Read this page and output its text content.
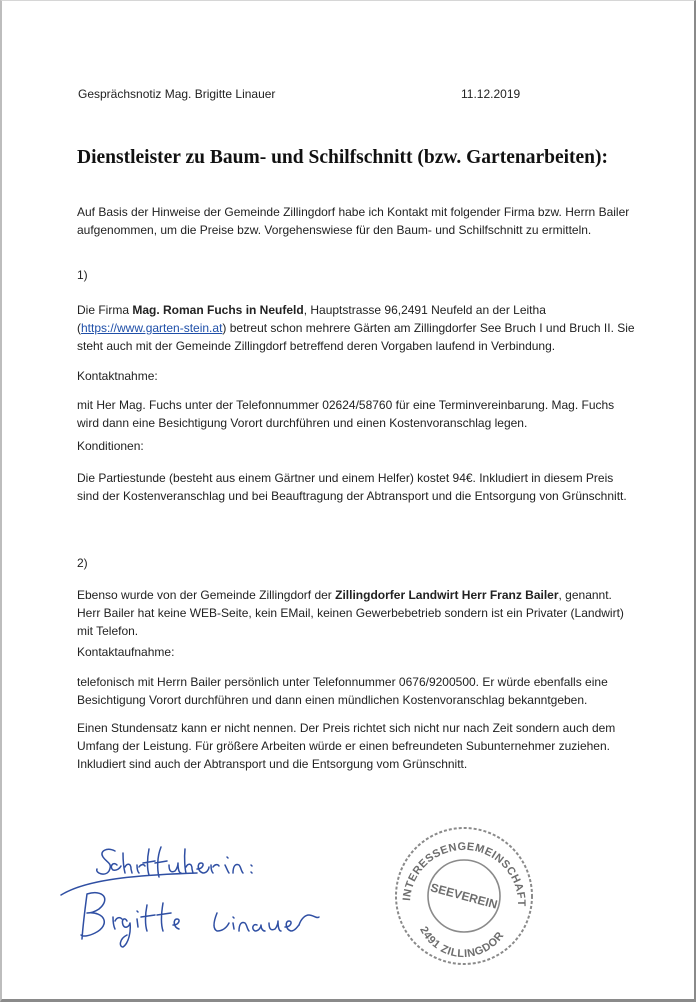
Gesprächsnotiz Mag. Brigitte Linauer	11.12.2019
Dienstleister zu Baum- und Schilfschnitt (bzw. Gartenarbeiten):
Auf Basis der Hinweise der Gemeinde Zillingdorf habe ich Kontakt mit folgender Firma bzw. Herrn Bailer aufgenommen, um die Preise bzw. Vorgehenswiese für den Baum- und Schilfschnitt zu ermitteln.
1)
Die Firma Mag. Roman Fuchs in Neufeld, Hauptstrasse 96,2491 Neufeld an der Leitha
(https://www.garten-stein.at) betreut schon mehrere Gärten am Zillingdorfer See Bruch I und Bruch II. Sie steht auch mit der Gemeinde Zillingdorf betreffend deren Vorgaben laufend in Verbindung.
Kontaktnahme:
mit Her Mag. Fuchs unter der Telefonnummer 02624/58760 für eine Terminvereinbarung. Mag. Fuchs wird dann eine Besichtigung Vorort durchführen und einen Kostenvoranschlag legen.
Konditionen:
Die Partiestunde (besteht aus einem Gärtner und einem Helfer) kostet 94€. Inkludiert in diesem Preis sind der Kostenveranschlag und bei Beauftragung der Abtransport und die Entsorgung von Grünschnitt.
2)
Ebenso wurde von der Gemeinde Zillingdorf der Zillingdorfer Landwirt Herr Franz Bailer, genannt. Herr Bailer hat keine WEB-Seite, kein EMail, keinen Gewerbebetrieb sondern ist ein Privater (Landwirt) mit Telefon.
Kontaktaufnahme:
telefonisch mit Herrn Bailer persönlich unter Telefonnummer 0676/9200500. Er würde ebenfalls eine Besichtigung Vorort durchführen und dann einen mündlichen Kostenvoranschlag bekanntgeben.
Einen Stundensatz kann er nicht nennen. Der Preis richtet sich nicht nur nach Zeit sondern auch dem Umfang der Leistung. Für größere Arbeiten würde er einen befreundeten Subunternehmer zuziehen. Inkludiert sind auch der Abtransport und die Entsorgung vom Grünschnitt.
INTERESSENGEMEINSCHAFT
SEEVEREIN
2491 ZILLINGDOR
